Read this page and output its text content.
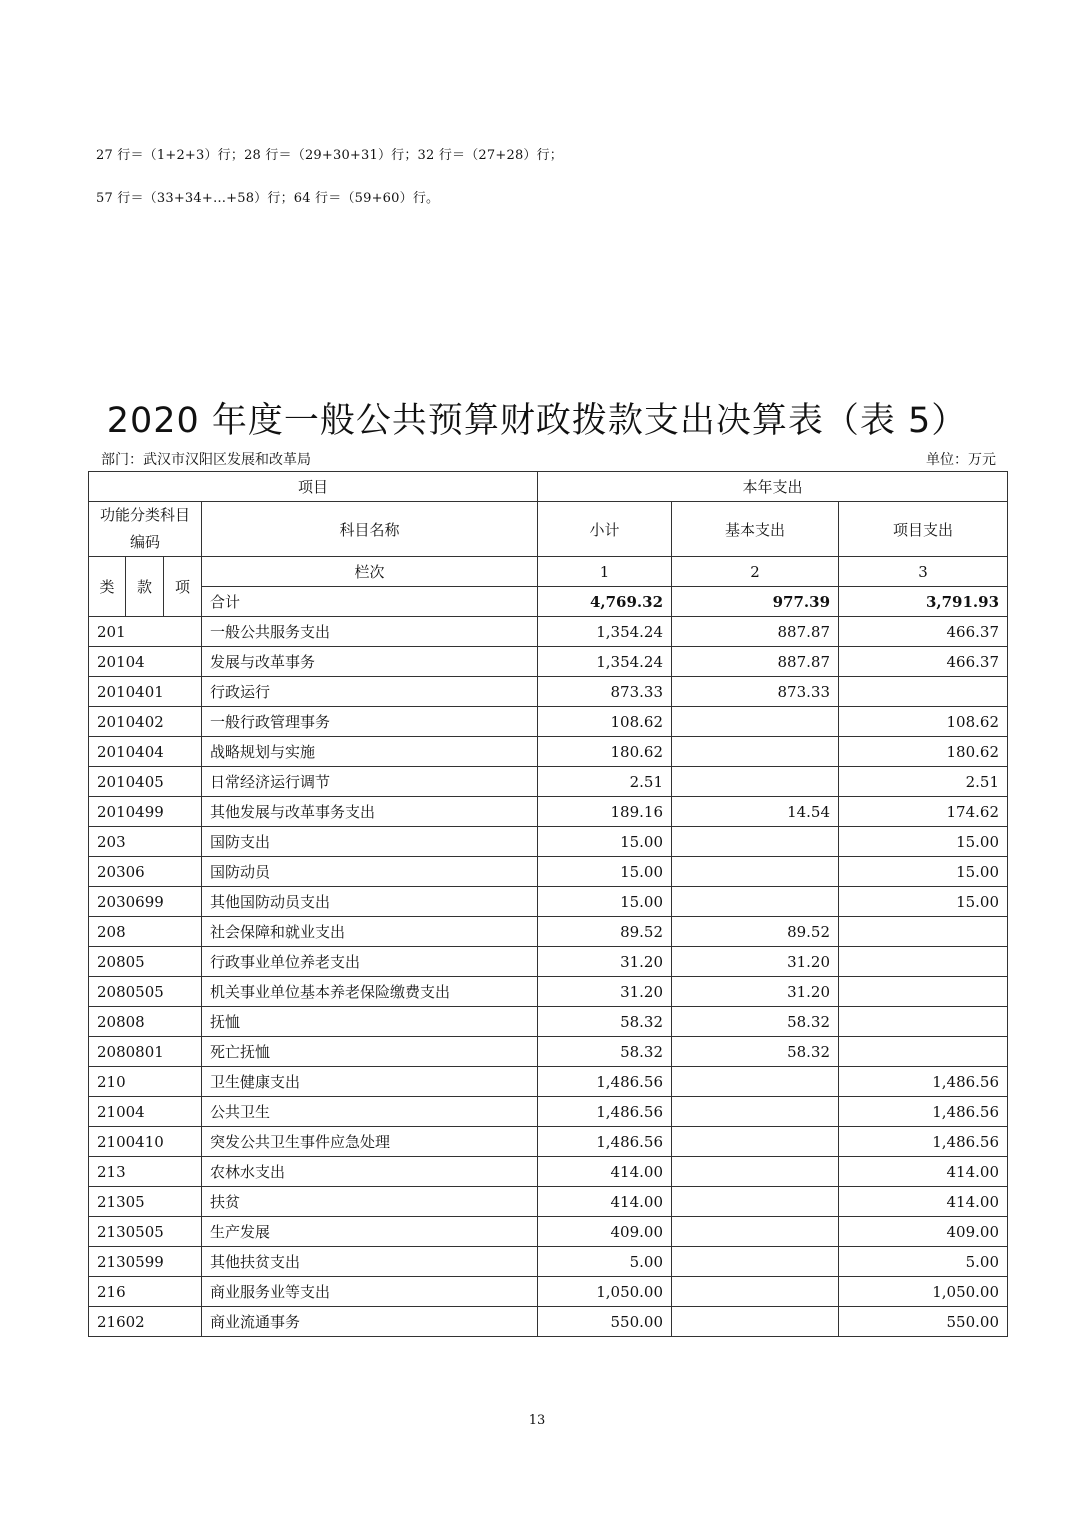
27 行＝（1+2+3）行；28 行＝（29+30+31）行；32 行＝（27+28）行；
57 行＝（33+34+…+58）行；64 行＝（59+60）行。
2020 年度一般公共预算财政拨款支出决算表（表 5）
部门：武汉市汉阳区发展和改革局	单位：万元
项目				本年支出		
功能分类科目编码			科目名称	小计	基本支出	项目支出
类	款	项	栏次	1	2	3
			合计	4,769.32	977.39	3,791.93
201			一般公共服务支出	1,354.24	887.87	466.37
20104			发展与改革事务	1,354.24	887.87	466.37
2010401			行政运行	873.33	873.33	
2010402			一般行政管理事务	108.62		108.62
2010404			战略规划与实施	180.62		180.62
2010405			日常经济运行调节	2.51		2.51
2010499			其他发展与改革事务支出	189.16	14.54	174.62
203			国防支出	15.00		15.00
20306			国防动员	15.00		15.00
2030699			其他国防动员支出	15.00		15.00
208			社会保障和就业支出	89.52	89.52	
20805			行政事业单位养老支出	31.20	31.20	
2080505			机关事业单位基本养老保险缴费支出	31.20	31.20	
20808			抚恤	58.32	58.32	
2080801			死亡抚恤	58.32	58.32	
210			卫生健康支出	1,486.56		1,486.56
21004			公共卫生	1,486.56		1,486.56
2100410			突发公共卫生事件应急处理	1,486.56		1,486.56
213			农林水支出	414.00		414.00
21305			扶贫	414.00		414.00
2130505			生产发展	409.00		409.00
2130599			其他扶贫支出	5.00		5.00
216			商业服务业等支出	1,050.00		1,050.00
21602			商业流通事务	550.00		550.00
13
